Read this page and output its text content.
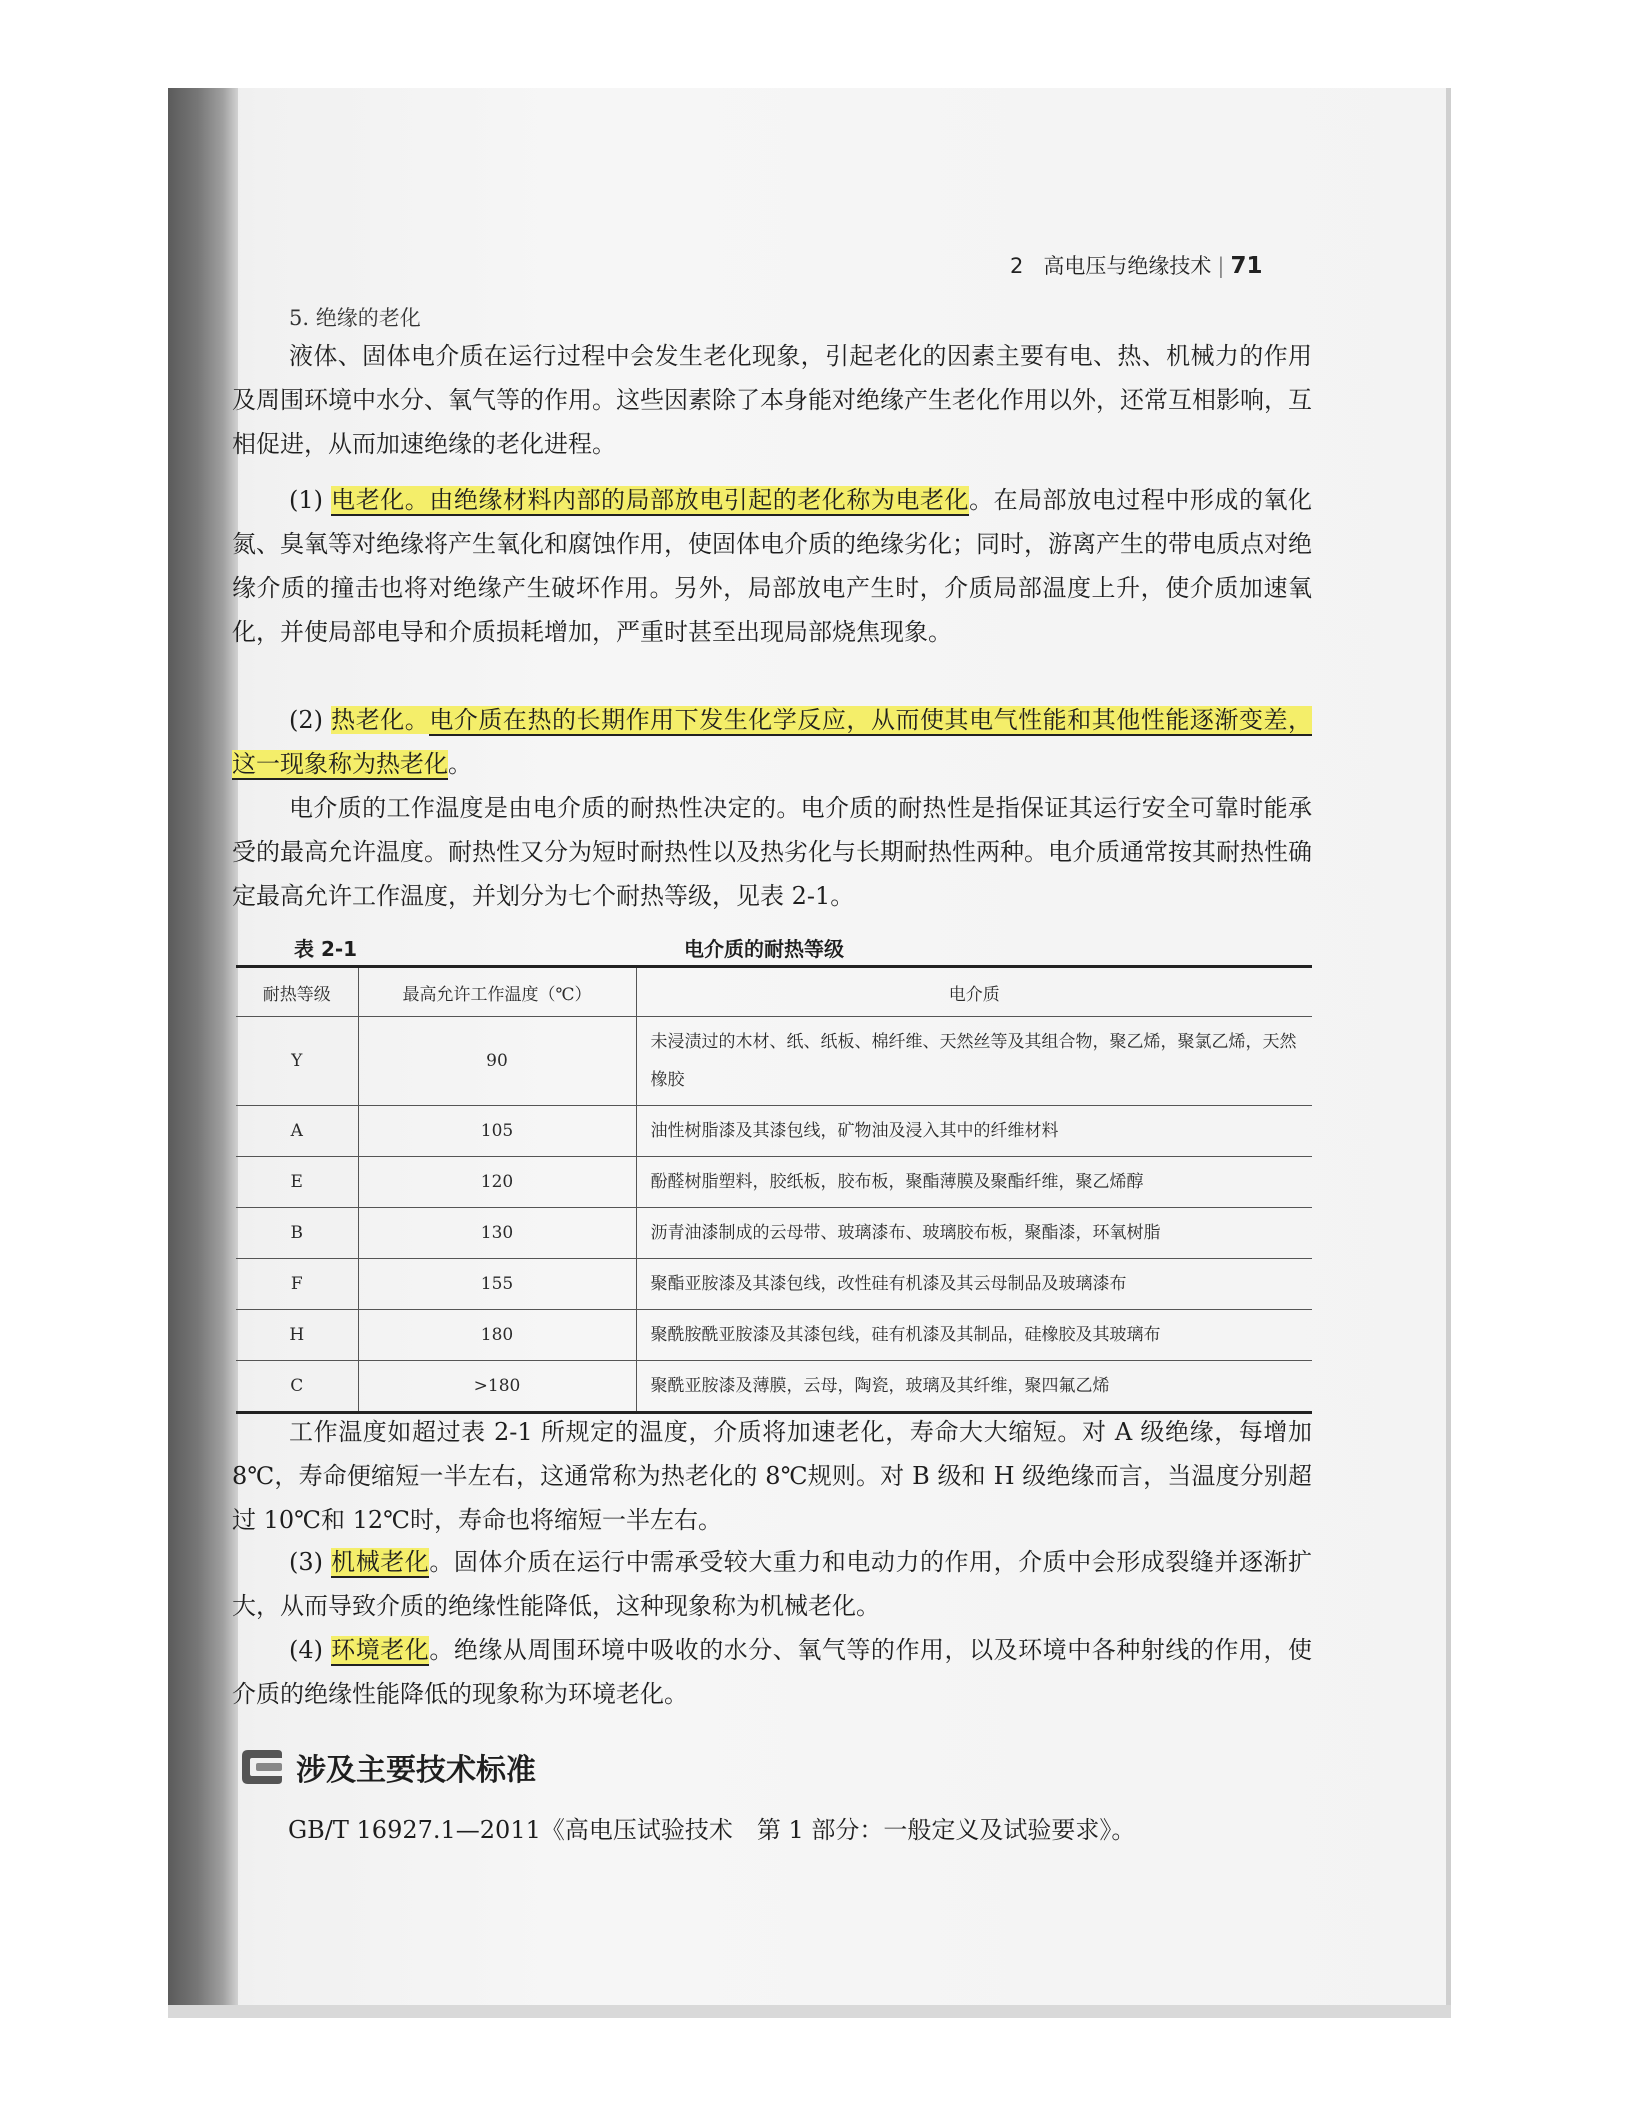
2 高电压与绝缘技术 | 71
5. 绝缘的老化

液体、固体电介质在运行过程中会发生老化现象，引起老化的因素主要有电、热、机械力的作用及周围环境中水分、氧气等的作用。这些因素除了本身能对绝缘产生老化作用以外，还常互相影响，互相促进，从而加速绝缘的老化进程。

(1) 电老化。由绝缘材料内部的局部放电引起的老化称为电老化。在局部放电过程中形成的氧化氮、臭氧等对绝缘将产生氧化和腐蚀作用，使固体电介质的绝缘劣化；同时，游离产生的带电质点对绝缘介质的撞击也将对绝缘产生破坏作用。另外，局部放电产生时，介质局部温度上升，使介质加速氧化，并使局部电导和介质损耗增加，严重时甚至出现局部烧焦现象。

(2) 热老化。电介质在热的长期作用下发生化学反应，从而使其电气性能和其他性能逐渐变差，这一现象称为热老化。

电介质的工作温度是由电介质的耐热性决定的。电介质的耐热性是指保证其运行安全可靠时能承受的最高允许温度。耐热性又分为短时耐热性以及热劣化与长期耐热性两种。电介质通常按其耐热性确定最高允许工作温度，并划分为七个耐热等级，见表 2-1。

表 2-1	电介质的耐热等级
耐热等级	最高允许工作温度（℃）	电介质
Y	90	未浸渍过的木材、纸、纸板、棉纤维、天然丝等及其组合物，聚乙烯，聚氯乙烯，天然橡胶
A	105	油性树脂漆及其漆包线，矿物油及浸入其中的纤维材料
E	120	酚醛树脂塑料，胶纸板，胶布板，聚酯薄膜及聚酯纤维，聚乙烯醇
B	130	沥青油漆制成的云母带、玻璃漆布、玻璃胶布板，聚酯漆，环氧树脂
F	155	聚酯亚胺漆及其漆包线，改性硅有机漆及其云母制品及玻璃漆布
H	180	聚酰胺酰亚胺漆及其漆包线，硅有机漆及其制品，硅橡胶及其玻璃布
C	>180	聚酰亚胺漆及薄膜，云母，陶瓷，玻璃及其纤维，聚四氟乙烯

工作温度如超过表 2-1 所规定的温度，介质将加速老化，寿命大大缩短。对 A 级绝缘，每增加 8℃，寿命便缩短一半左右，这通常称为热老化的 8℃规则。对 B 级和 H 级绝缘而言，当温度分别超过 10℃和 12℃时，寿命也将缩短一半左右。

(3) 机械老化。固体介质在运行中需承受较大重力和电动力的作用，介质中会形成裂缝并逐渐扩大，从而导致介质的绝缘性能降低，这种现象称为机械老化。

(4) 环境老化。绝缘从周围环境中吸收的水分、氧气等的作用，以及环境中各种射线的作用，使介质的绝缘性能降低的现象称为环境老化。

涉及主要技术标准
GB/T 16927.1—2011《高电压试验技术　第 1 部分：一般定义及试验要求》。
